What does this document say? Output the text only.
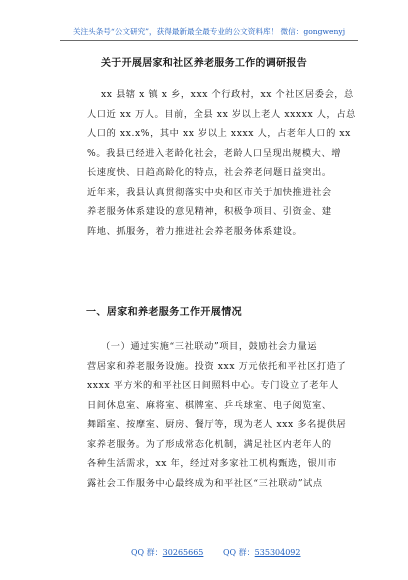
关注头条号“公文研究”，获得最新最全最专业的公文资料库！ 微信：gongwenyj
关于开展居家和社区养老服务工作的调研报告
xx 县辖 x 镇 x 乡，xxx 个行政村，xx 个社区居委会，总
人口近 xx 万人。目前，全县 xx 岁以上老人 xxxxx 人，占总
人口的 xx.x%，其中 xx 岁以上 xxxx 人，占老年人口的 xx
%。我县已经进入老龄化社会，老龄人口呈现出规模大、增
长速度快、日趋高龄化的特点，社会养老问题日益突出。
近年来，我县认真贯彻落实中央和区市关于加快推进社会
养老服务体系建设的意见精神，积极争项目、引资金、建
阵地、抓服务，着力推进社会养老服务体系建设。
一、居家和养老服务工作开展情况
（一）通过实施“三社联动”项目，鼓励社会力量运
营居家和养老服务设施。投资 xxx 万元依托和平社区打造了
xxxx 平方米的和平社区日间照料中心。专门设立了老年人
日间休息室、麻将室、棋牌室、乒乓球室、电子阅览室、
舞蹈室、按摩室、厨房、餐厅等，现为老人 xxx 多名提供居
家养老服务。为了形成常态化机制，满足社区内老年人的
各种生活需求，xx 年，经过对多家社工机构甄选，银川市
露社会工作服务中心最终成为和平社区“三社联动”试点
QQ 群：30265665 QQ 群：535304092
